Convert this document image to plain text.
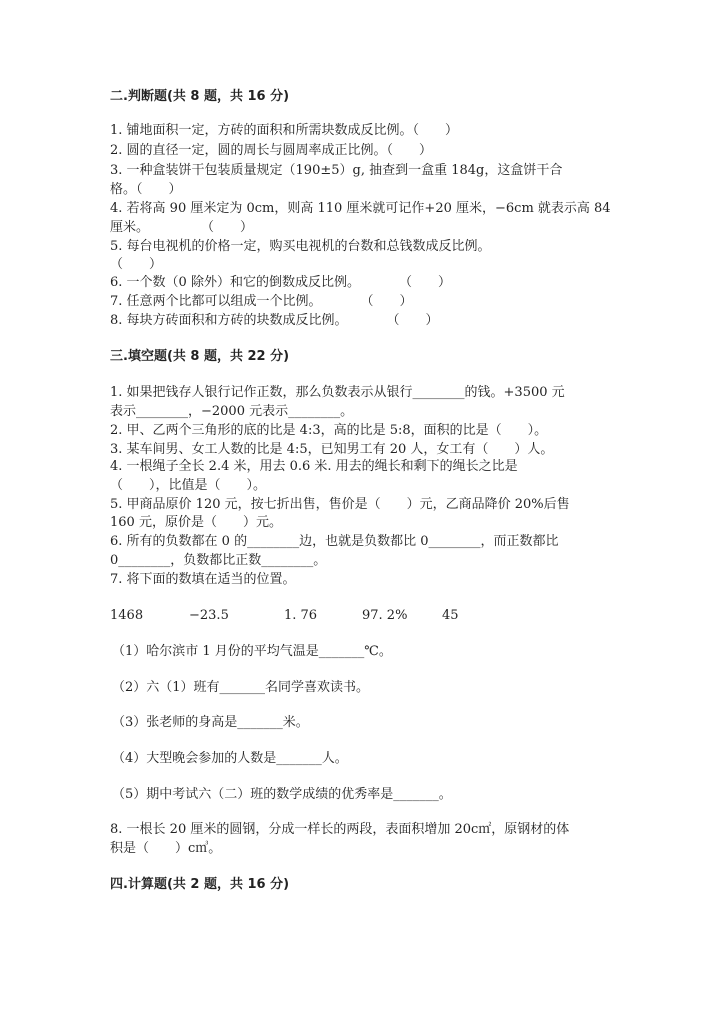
二.判断题(共 8 题，共 16 分)
1. 铺地面积一定，方砖的面积和所需块数成反比例。（　　）
2. 圆的直径一定，圆的周长与圆周率成正比例。（　　）
3. 一种盒装饼干包装质量规定（190±5）g, 抽查到一盒重 184g，这盒饼干合
格。（　　）
4. 若将高 90 厘米定为 0cm，则高 110 厘米就可记作+20 厘米，−6cm 就表示高 84
厘米。　　　　　（　　）
5. 每台电视机的价格一定，购买电视机的台数和总钱数成反比例。
（　　）
6. 一个数（0 除外）和它的倒数成反比例。　　　　（　　）
7. 任意两个比都可以组成一个比例。　　　　（　　）
8. 每块方砖面积和方砖的块数成反比例。　　　　（　　）
三.填空题(共 8 题，共 22 分)
1. 如果把钱存人银行记作正数，那么负数表示从银行________的钱。+3500 元
表示________，−2000 元表示________。
2. 甲、乙两个三角形的底的比是 4:3，高的比是 5:8，面积的比是（　　）。
3. 某车间男、女工人数的比是 4:5，已知男工有 20 人，女工有（　　）人。
4. 一根绳子全长 2.4 米，用去 0.6 米. 用去的绳长和剩下的绳长之比是
（　　），比值是（　　）。
5. 甲商品原价 120 元，按七折出售，售价是（　　）元，乙商品降价 20%后售
160 元，原价是（　　）元。
6. 所有的负数都在 0 的________边，也就是负数都比 0________，而正数都比
0________，负数都比正数________。
7. 将下面的数填在适当的位置。
1468	−23.5	1. 76	97. 2%	45
（1）哈尔滨市 1 月份的平均气温是_______℃。
（2）六（1）班有_______名同学喜欢读书。
（3）张老师的身高是_______米。
（4）大型晚会参加的人数是_______人。
（5）期中考试六（二）班的数学成绩的优秀率是_______。
8. 一根长 20 厘米的圆钢，分成一样长的两段，表面积增加 20c㎡，原钢材的体
积是（　　）c㎥。
四.计算题(共 2 题，共 16 分)
